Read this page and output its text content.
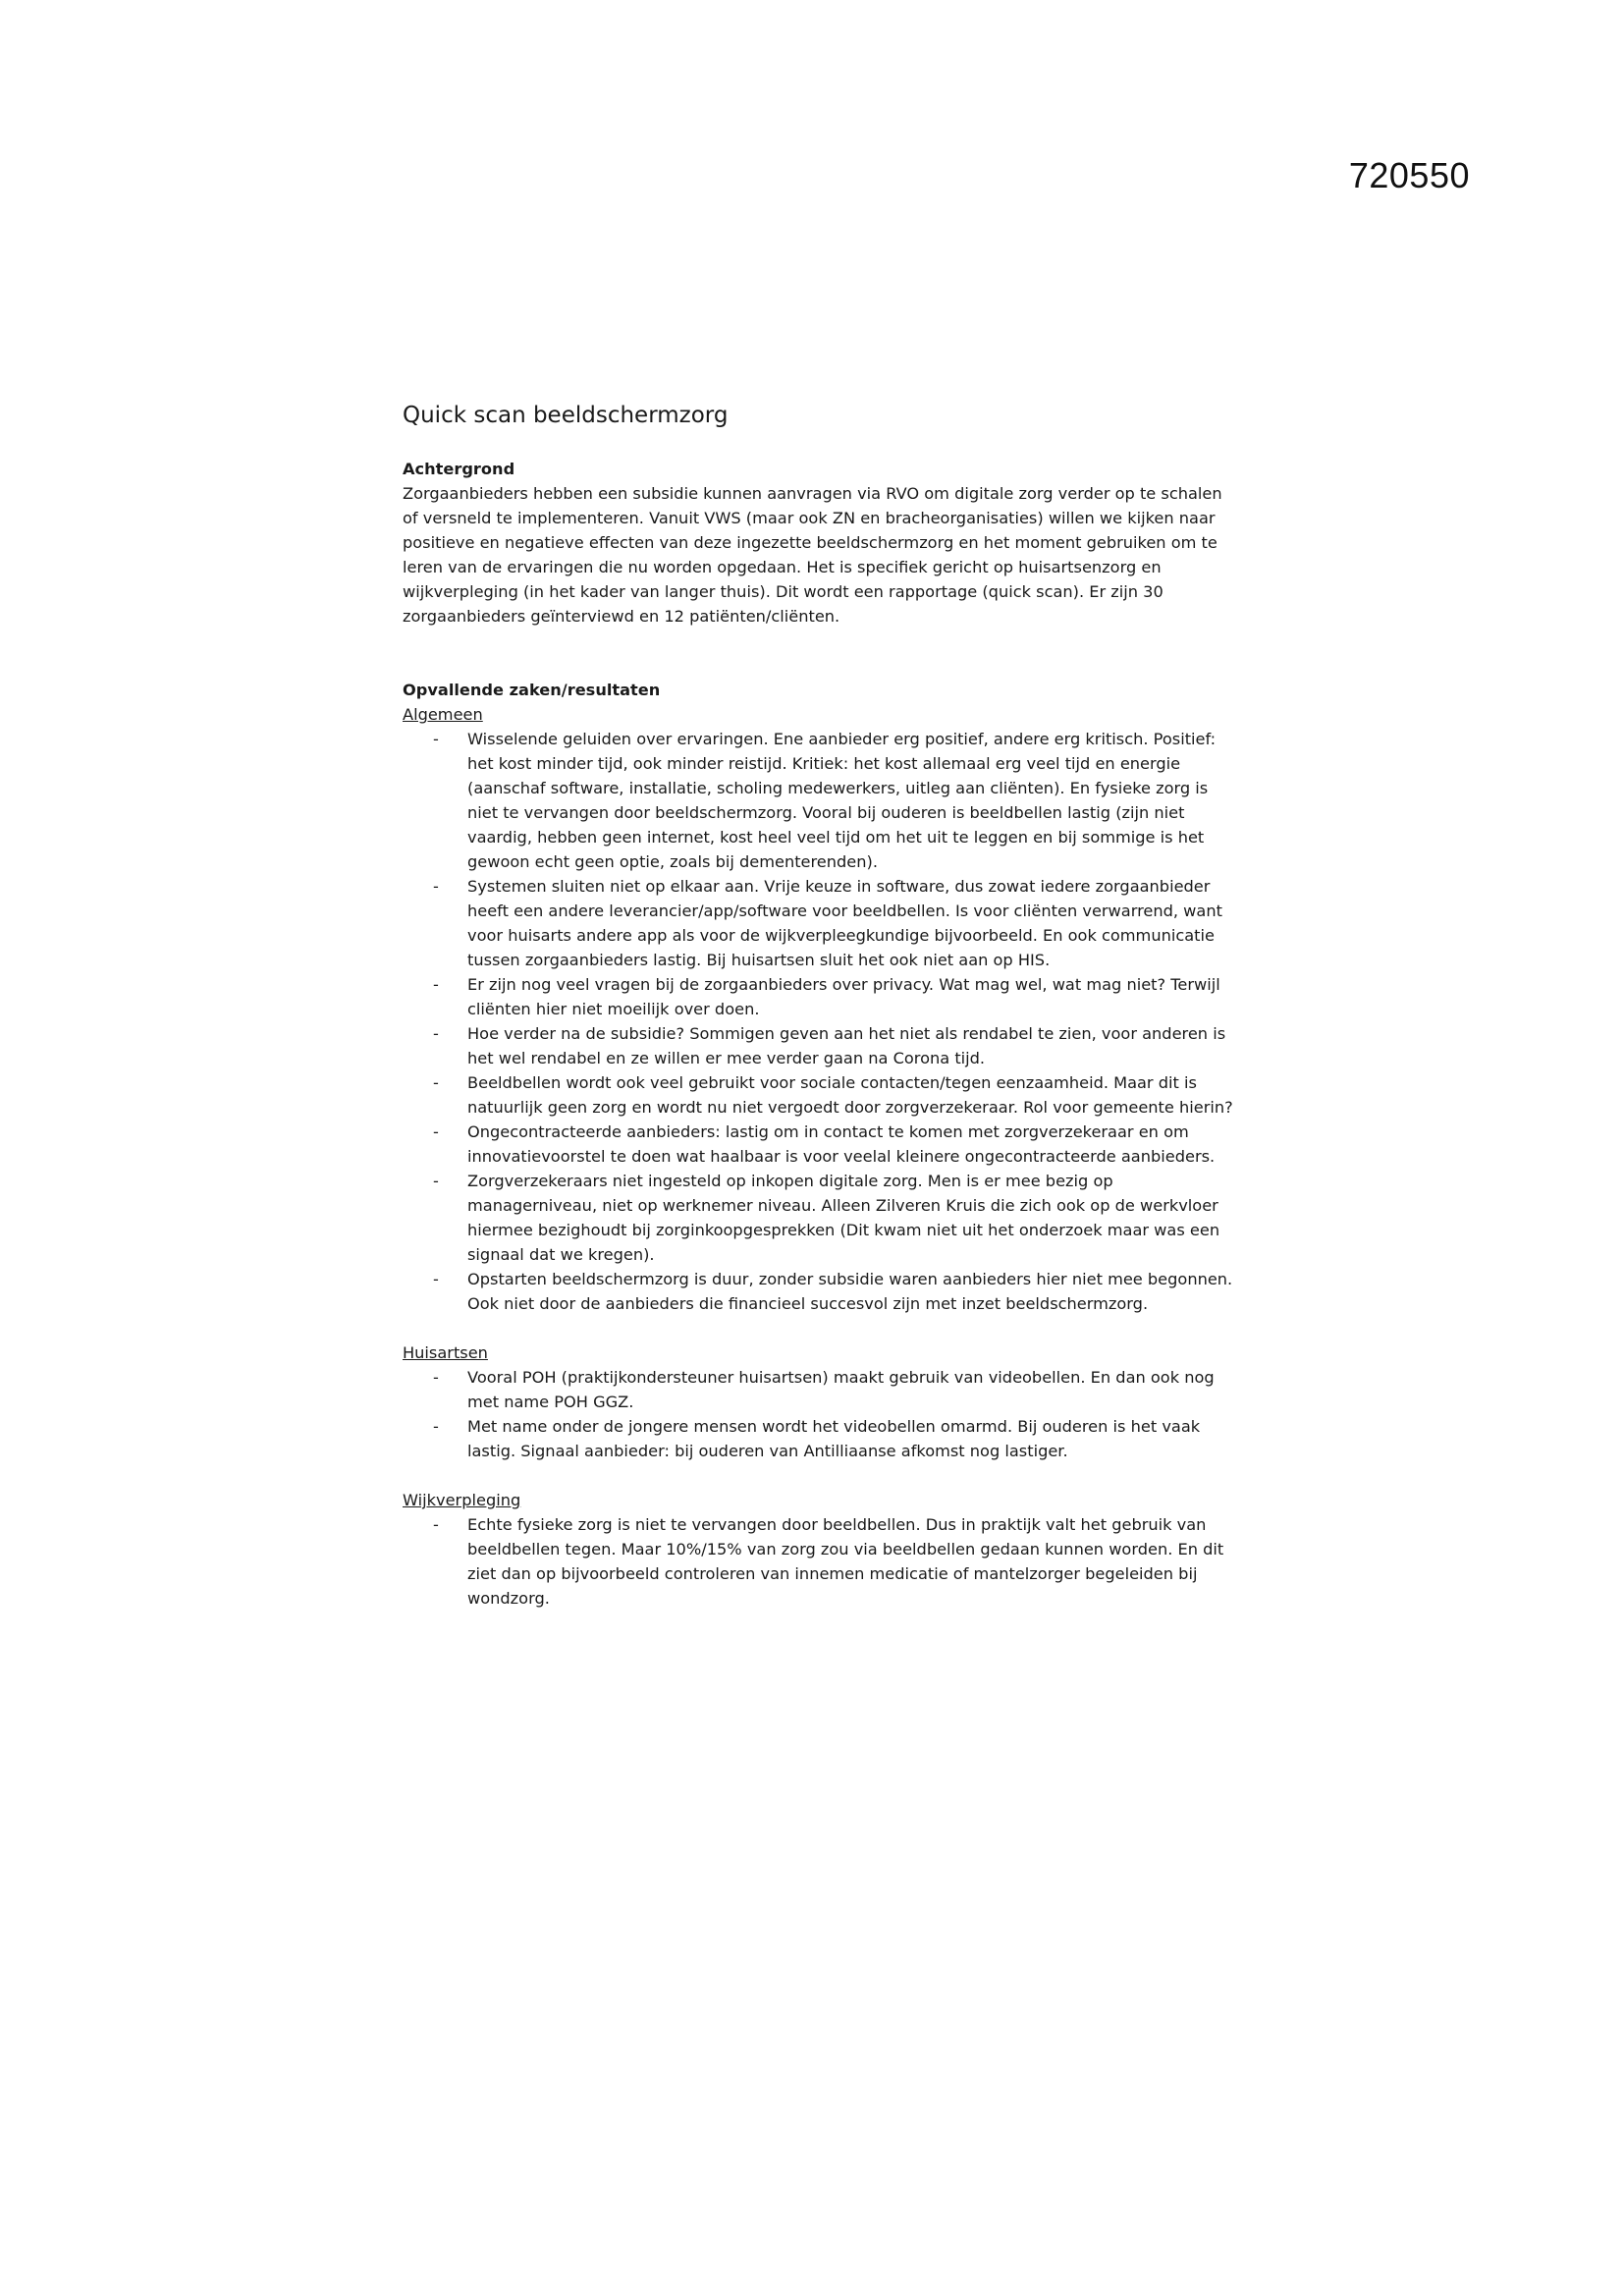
720550
Quick scan beeldschermzorg

Achtergrond

Zorgaanbieders hebben een subsidie kunnen aanvragen via RVO om digitale zorg verder op te schalen of versneld te implementeren. Vanuit VWS (maar ook ZN en bracheorganisaties) willen we kijken naar positieve en negatieve effecten van deze ingezette beeldschermzorg en het moment gebruiken om te leren van de ervaringen die nu worden opgedaan. Het is specifiek gericht op huisartsenzorg en wijkverpleging (in het kader van langer thuis). Dit wordt een rapportage (quick scan). Er zijn 30 zorgaanbieders geïnterviewd en 12 patiënten/cliënten.

Opvallende zaken/resultaten

Algemeen

- Wisselende geluiden over ervaringen. Ene aanbieder erg positief, andere erg kritisch. Positief: het kost minder tijd, ook minder reistijd. Kritiek: het kost allemaal erg veel tijd en energie (aanschaf software, installatie, scholing medewerkers, uitleg aan cliënten). En fysieke zorg is niet te vervangen door beeldschermzorg. Vooral bij ouderen is beeldbellen lastig (zijn niet vaardig, hebben geen internet, kost heel veel tijd om het uit te leggen en bij sommige is het gewoon echt geen optie, zoals bij dementerenden).
- Systemen sluiten niet op elkaar aan. Vrije keuze in software, dus zowat iedere zorgaanbieder heeft een andere leverancier/app/software voor beeldbellen. Is voor cliënten verwarrend, want voor huisarts andere app als voor de wijkverpleegkundige bijvoorbeeld. En ook communicatie tussen zorgaanbieders lastig. Bij huisartsen sluit het ook niet aan op HIS.
- Er zijn nog veel vragen bij de zorgaanbieders over privacy. Wat mag wel, wat mag niet? Terwijl cliënten hier niet moeilijk over doen.
- Hoe verder na de subsidie? Sommigen geven aan het niet als rendabel te zien, voor anderen is het wel rendabel en ze willen er mee verder gaan na Corona tijd.
- Beeldbellen wordt ook veel gebruikt voor sociale contacten/tegen eenzaamheid. Maar dit is natuurlijk geen zorg en wordt nu niet vergoedt door zorgverzekeraar. Rol voor gemeente hierin?
- Ongecontracteerde aanbieders: lastig om in contact te komen met zorgverzekeraar en om innovatievoorstel te doen wat haalbaar is voor veelal kleinere ongecontracteerde aanbieders.
- Zorgverzekeraars niet ingesteld op inkopen digitale zorg. Men is er mee bezig op managerniveau, niet op werknemer niveau. Alleen Zilveren Kruis die zich ook op de werkvloer hiermee bezighoudt bij zorginkoopgesprekken (Dit kwam niet uit het onderzoek maar was een signaal dat we kregen).
- Opstarten beeldschermzorg is duur, zonder subsidie waren aanbieders hier niet mee begonnen. Ook niet door de aanbieders die financieel succesvol zijn met inzet beeldschermzorg.

Huisartsen

- Vooral POH (praktijkondersteuner huisartsen) maakt gebruik van videobellen. En dan ook nog met name POH GGZ.
- Met name onder de jongere mensen wordt het videobellen omarmd. Bij ouderen is het vaak lastig. Signaal aanbieder: bij ouderen van Antilliaanse afkomst nog lastiger.

Wijkverpleging

- Echte fysieke zorg is niet te vervangen door beeldbellen. Dus in praktijk valt het gebruik van beeldbellen tegen. Maar 10%/15% van zorg zou via beeldbellen gedaan kunnen worden. En dit ziet dan op bijvoorbeeld controleren van innemen medicatie of mantelzorger begeleiden bij wondzorg.
